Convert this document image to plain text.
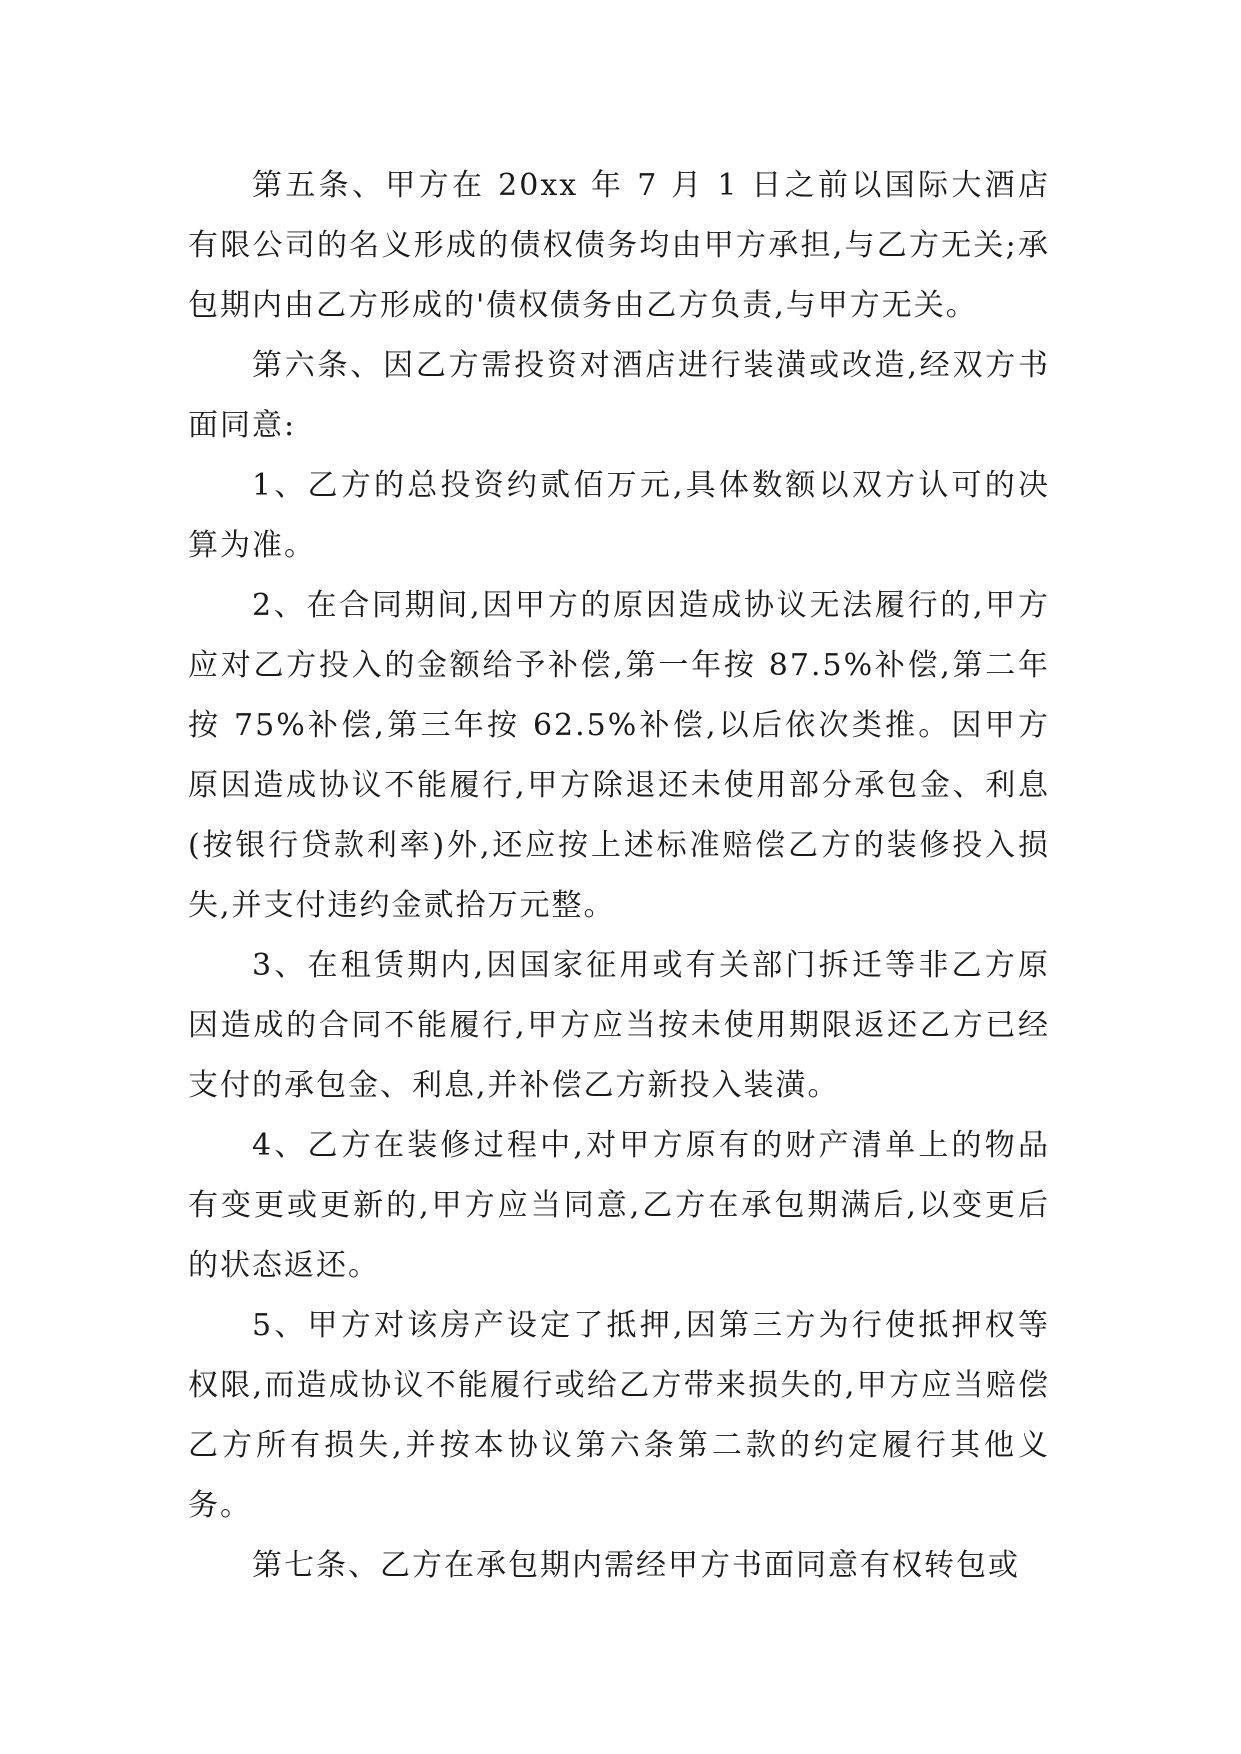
第五条、甲方在 20xx 年 7 月 1 日之前以国际大酒店有限公司的名义形成的债权债务均由甲方承担,与乙方无关;承包期内由乙方形成的'债权债务由乙方负责,与甲方无关。

第六条、因乙方需投资对酒店进行装潢或改造,经双方书面同意:

1、乙方的总投资约贰佰万元,具体数额以双方认可的决算为准。

2、在合同期间,因甲方的原因造成协议无法履行的,甲方应对乙方投入的金额给予补偿,第一年按 87.5%补偿,第二年按 75%补偿,第三年按 62.5%补偿,以后依次类推。因甲方原因造成协议不能履行,甲方除退还未使用部分承包金、利息(按银行贷款利率)外,还应按上述标准赔偿乙方的装修投入损失,并支付违约金贰拾万元整。

3、在租赁期内,因国家征用或有关部门拆迁等非乙方原因造成的合同不能履行,甲方应当按未使用期限返还乙方已经支付的承包金、利息,并补偿乙方新投入装潢。

4、乙方在装修过程中,对甲方原有的财产清单上的物品有变更或更新的,甲方应当同意,乙方在承包期满后,以变更后的状态返还。

5、甲方对该房产设定了抵押,因第三方为行使抵押权等权限,而造成协议不能履行或给乙方带来损失的,甲方应当赔偿乙方所有损失,并按本协议第六条第二款的约定履行其他义务。

第七条、乙方在承包期内需经甲方书面同意有权转包或
